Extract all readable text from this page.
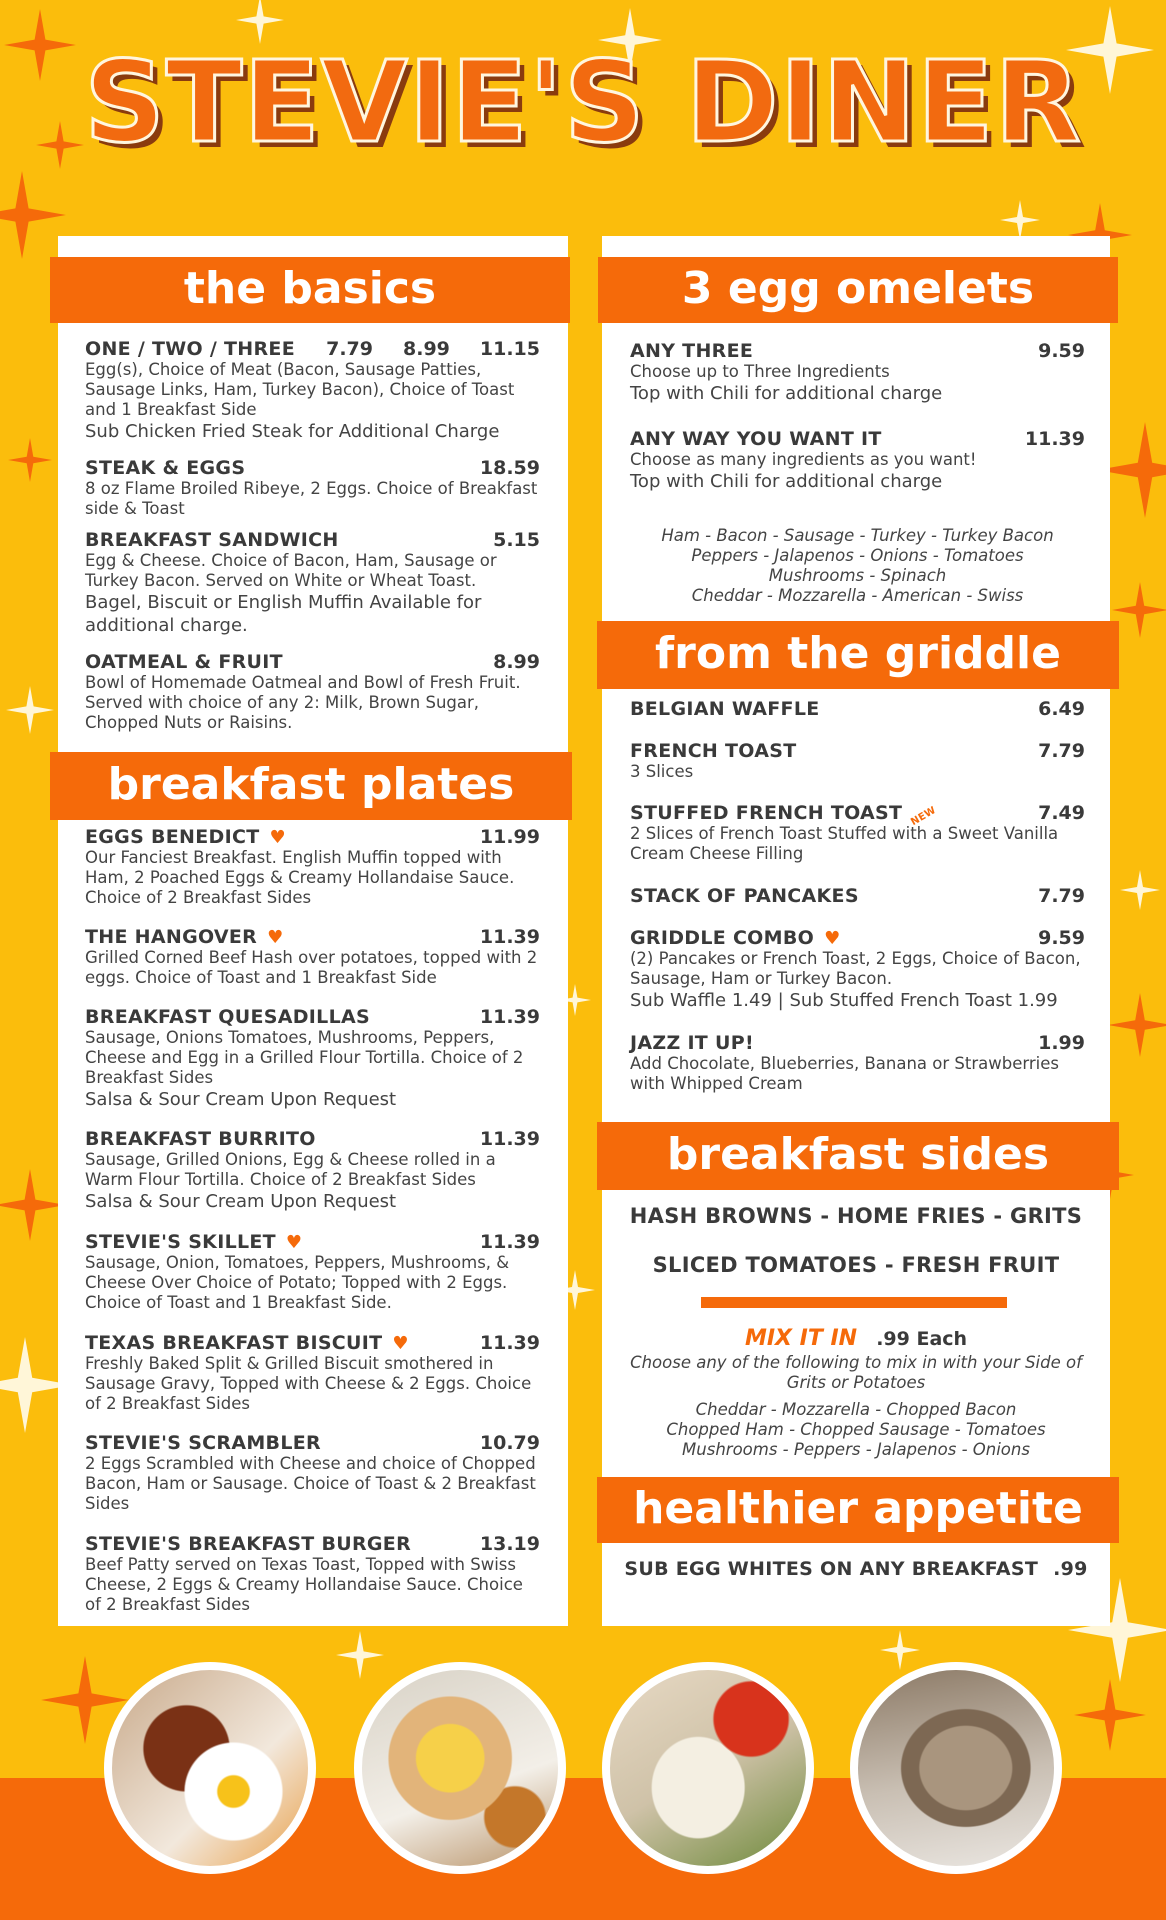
STEVIE'S DINER
the basics
ONE / TWO / THREE 7.79 8.99 11.15
Egg(s), Choice of Meat (Bacon, Sausage Patties, Sausage Links, Ham, Turkey Bacon), Choice of Toast and 1 Breakfast Side
Sub Chicken Fried Steak for Additional Charge
STEAK & EGGS	18.59
8 oz Flame Broiled Ribeye, 2 Eggs. Choice of Breakfast side & Toast
BREAKFAST SANDWICH	5.15
Egg & Cheese. Choice of Bacon, Ham, Sausage or Turkey Bacon. Served on White or Wheat Toast.
Bagel, Biscuit or English Muffin Available for additional charge.
OATMEAL & FRUIT	8.99
Bowl of Homemade Oatmeal and Bowl of Fresh Fruit. Served with choice of any 2: Milk, Brown Sugar, Chopped Nuts or Raisins.
breakfast plates
EGGS BENEDICT ♥	11.99
Our Fanciest Breakfast. English Muffin topped with Ham, 2 Poached Eggs & Creamy Hollandaise Sauce. Choice of 2 Breakfast Sides
THE HANGOVER ♥	11.39
Grilled Corned Beef Hash over potatoes, topped with 2 eggs. Choice of Toast and 1 Breakfast Side
BREAKFAST QUESADILLAS	11.39
Sausage, Onions Tomatoes, Mushrooms, Peppers, Cheese and Egg in a Grilled Flour Tortilla. Choice of 2 Breakfast Sides
Salsa & Sour Cream Upon Request
BREAKFAST BURRITO	11.39
Sausage, Grilled Onions, Egg & Cheese rolled in a Warm Flour Tortilla. Choice of 2 Breakfast Sides
Salsa & Sour Cream Upon Request
STEVIE'S SKILLET ♥	11.39
Sausage, Onion, Tomatoes, Peppers, Mushrooms, & Cheese Over Choice of Potato; Topped with 2 Eggs. Choice of Toast and 1 Breakfast Side.
TEXAS BREAKFAST BISCUIT ♥	11.39
Freshly Baked Split & Grilled Biscuit smothered in Sausage Gravy, Topped with Cheese & 2 Eggs. Choice of 2 Breakfast Sides
STEVIE'S SCRAMBLER	10.79
2 Eggs Scrambled with Cheese and choice of Chopped Bacon, Ham or Sausage. Choice of Toast & 2 Breakfast Sides
STEVIE'S BREAKFAST BURGER	13.19
Beef Patty served on Texas Toast, Topped with Swiss Cheese, 2 Eggs & Creamy Hollandaise Sauce. Choice of 2 Breakfast Sides
3 egg omelets
ANY THREE	9.59
Choose up to Three Ingredients
Top with Chili for additional charge
ANY WAY YOU WANT IT	11.39
Choose as many ingredients as you want!
Top with Chili for additional charge
Ham - Bacon - Sausage - Turkey - Turkey Bacon
Peppers - Jalapenos - Onions - Tomatoes
Mushrooms - Spinach
Cheddar - Mozzarella - American - Swiss
from the griddle
BELGIAN WAFFLE	6.49
FRENCH TOAST	7.79
3 Slices
STUFFED FRENCH TOAST NEW	7.49
2 Slices of French Toast Stuffed with a Sweet Vanilla Cream Cheese Filling
STACK OF PANCAKES	7.79
GRIDDLE COMBO ♥	9.59
(2) Pancakes or French Toast, 2 Eggs, Choice of Bacon, Sausage, Ham or Turkey Bacon.
Sub Waffle 1.49 | Sub Stuffed French Toast 1.99
JAZZ IT UP!	1.99
Add Chocolate, Blueberries, Banana or Strawberries with Whipped Cream
breakfast sides
HASH BROWNS - HOME FRIES - GRITS
SLICED TOMATOES - FRESH FRUIT
MIX IT IN .99 Each
Choose any of the following to mix in with your Side of Grits or Potatoes
Cheddar - Mozzarella - Chopped Bacon
Chopped Ham - Chopped Sausage - Tomatoes
Mushrooms - Peppers - Jalapenos - Onions
healthier appetite
SUB EGG WHITES ON ANY BREAKFAST .99
